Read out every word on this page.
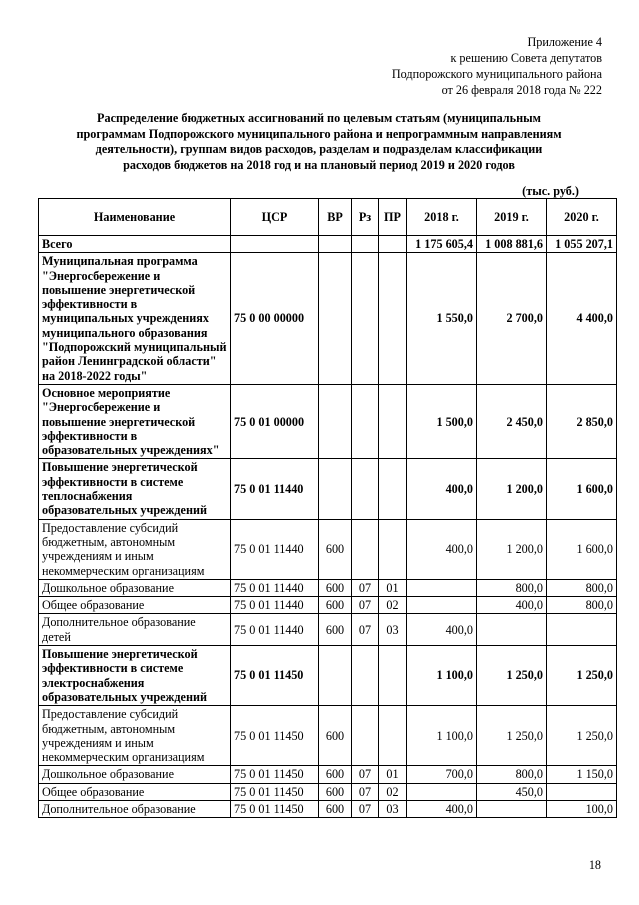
Приложение 4
к решению Совета депутатов
Подпорожского муниципального района
от 26 февраля 2018 года № 222
Распределение бюджетных ассигнований по целевым статьям (муниципальным
программам Подпорожского муниципального района и непрограммным направлениям
деятельности), группам видов расходов, разделам и подразделам классификации
расходов бюджетов на 2018 год и на плановый период 2019 и 2020 годов
(тыс. руб.)
Наименование	ЦСР	ВР	Рз	ПР	2018 г.	2019 г.	2020 г.
Всего					1 175 605,4	1 008 881,6	1 055 207,1
Муниципальная программа "Энергосбережение и повышение энергетической эффективности в муниципальных учреждениях муниципального образования "Подпорожский муниципальный район Ленинградской области" на 2018-2022 годы"	75 0 00 00000				1 550,0	2 700,0	4 400,0
Основное мероприятие "Энергосбережение и повышение энергетической эффективности в образовательных учреждениях"	75 0 01 00000				1 500,0	2 450,0	2 850,0
Повышение энергетической эффективности в системе теплоснабжения образовательных учреждений	75 0 01 11440				400,0	1 200,0	1 600,0
Предоставление субсидий бюджетным, автономным учреждениям и иным некоммерческим организациям	75 0 01 11440	600			400,0	1 200,0	1 600,0
Дошкольное образование	75 0 01 11440	600	07	01		800,0	800,0
Общее образование	75 0 01 11440	600	07	02		400,0	800,0
Дополнительное образование детей	75 0 01 11440	600	07	03	400,0		
Повышение энергетической эффективности в системе электроснабжения образовательных учреждений	75 0 01 11450				1 100,0	1 250,0	1 250,0
Предоставление субсидий бюджетным, автономным учреждениям и иным некоммерческим организациям	75 0 01 11450	600			1 100,0	1 250,0	1 250,0
Дошкольное образование	75 0 01 11450	600	07	01	700,0	800,0	1 150,0
Общее образование	75 0 01 11450	600	07	02		450,0	
Дополнительное образование	75 0 01 11450	600	07	03	400,0		100,0
18
